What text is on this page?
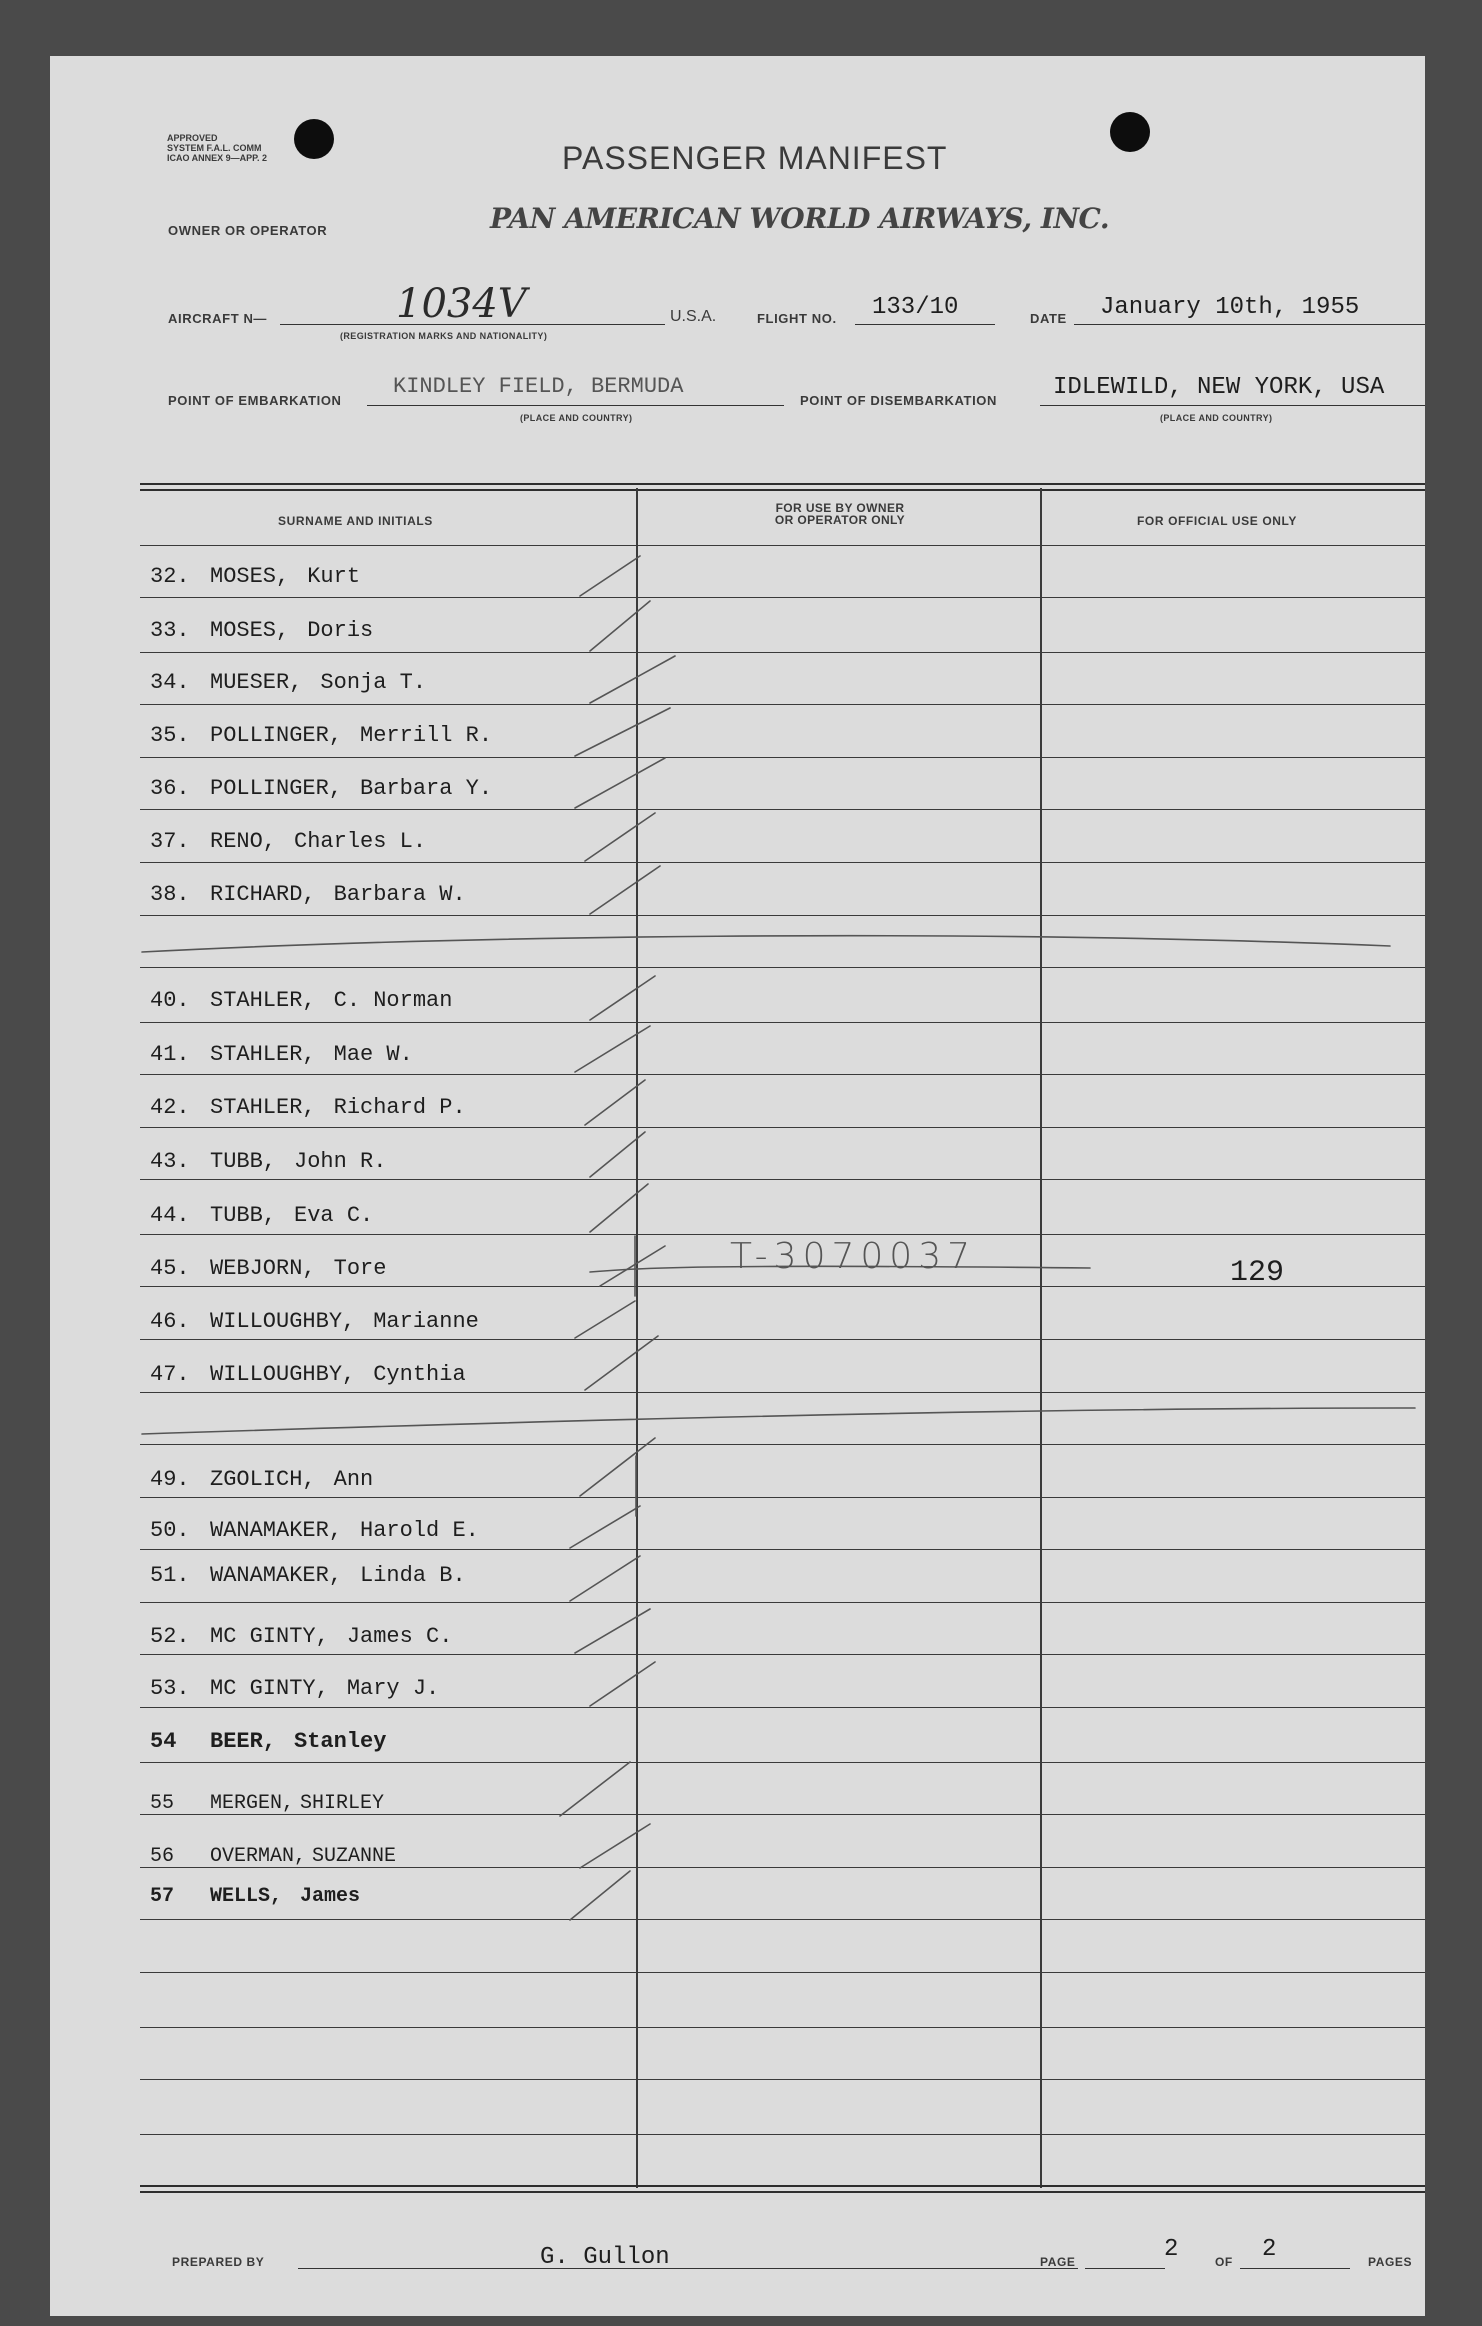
APPROVED
SYSTEM F.A.L. COMM
ICAO ANNEX 9—APP. 2	PASSENGER MANIFEST
OWNER OR OPERATOR	PAN AMERICAN WORLD AIRWAYS, INC.
AIRCRAFT N—	1034V
(REGISTRATION MARKS AND NATIONALITY)
U.S.A.	FLIGHT NO. 133/10	DATE January 10th, 1955
POINT OF EMBARKATION
KINDLEY FIELD, BERMUDA
(PLACE AND COUNTRY)
POINT OF DISEMBARKATION IDLEWILD, NEW YORK, USA
(PLACE AND COUNTRY)
SURNAME AND INITIALS
FOR USE BY OWNER
OR OPERATOR ONLY	FOR OFFICIAL USE ONLY
32. MOSES, Kurt
33. MOSES, Doris
34. MUESER, Sonja T.
35. POLLINGER, Merrill R.
36. POLLINGER, Barbara Y.
37. RENO, Charles L.
38. RICHARD, Barbara W.
40. STAHLER, C. Norman
41. STAHLER, Mae W.
42. STAHLER, Richard P.
43. TUBB, John R.
44. TUBB, Eva C.
45. WEBJORN, Tore
46. WILLOUGHBY, Marianne
47. WILLOUGHBY, Cynthia
49. ZGOLICH, Ann
50. WANAMAKER, Harold E.
51. WANAMAKER, Linda B.
52. MC GINTY, James C.
53. MC GINTY, Mary J.
54 BEER, Stanley
55 MERGEN, SHIRLEY
56 OVERMAN, SUZANNE
57 WELLS, James
T-3070037	129
PREPARED BY	G. Gullon	PAGE	2	OF 2	PAGES
